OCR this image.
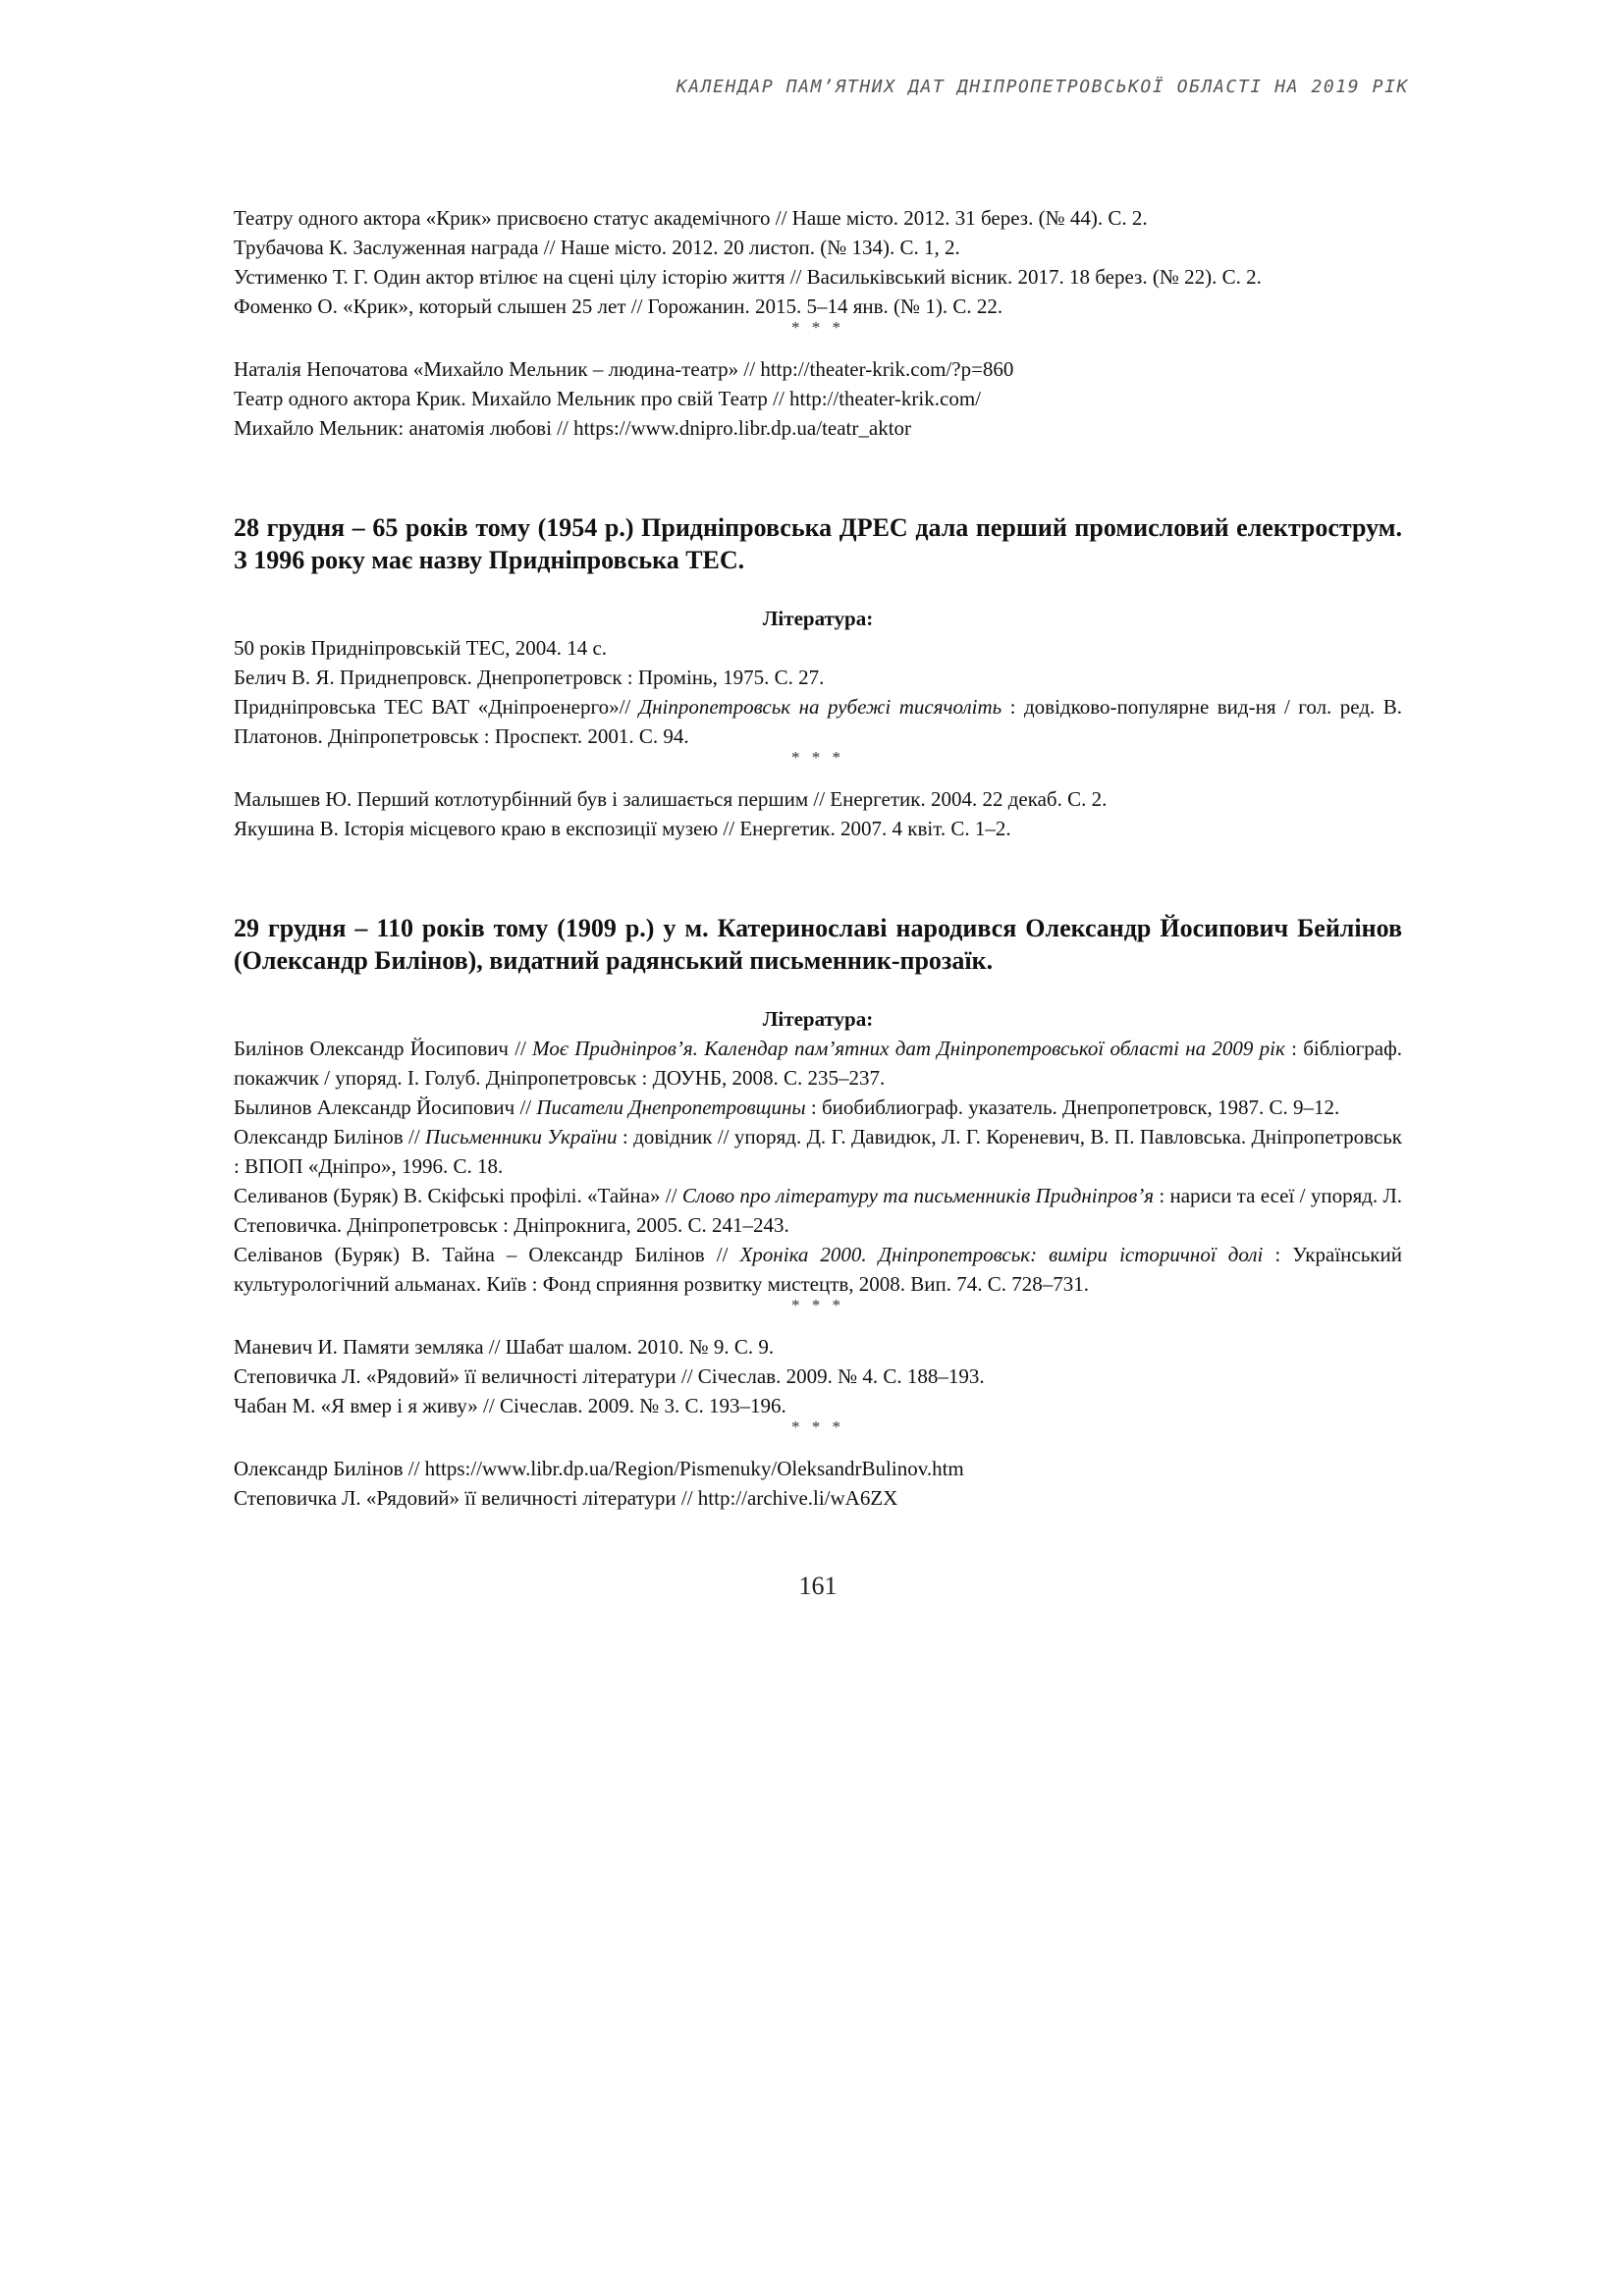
КАЛЕНДАР ПАМ’ЯТНИХ ДАТ ДНІПРОПЕТРОВСЬКОЇ ОБЛАСТІ НА 2019 РІК

Театру одного актора «Крик» присвоєно статус академічного // Наше місто. 2012. 31 берез. (№ 44). С. 2.

Трубачова К. Заслуженная награда // Наше місто. 2012. 20 листоп. (№ 134). С. 1, 2.

Устименко Т. Г. Один актор втілює на сцені цілу історію життя // Васильківський вісник. 2017. 18 берез. (№ 22). С. 2.

Фоменко О. «Крик», который слышен 25 лет // Горожанин. 2015. 5–14 янв. (№ 1). С. 22.

* * *

Наталія Непочатова «Михайло Мельник – людина-театр» // http://theater-krik.com/?p=860

Театр одного актора Крик. Михайло Мельник про свій Театр // http://theater-krik.com/

Михайло Мельник: анатомія любові // https://www.dnipro.libr.dp.ua/teatr_aktor

28 грудня – 65 років тому (1954 р.) Придніпровська ДРЕС дала перший промисловий електрострум. З 1996 року має назву Придніпровська ТЕС.

Література:

50 років Придніпровській ТЕС, 2004. 14 с.

Белич В. Я. Приднепровск. Днепропетровск : Промінь, 1975. С. 27.

Придніпровська ТЕС ВАТ «Дніпроенерго»// Дніпропетровськ на рубежі тисячоліть : довідково-популярне вид-ня / гол. ред. В. Платонов. Дніпропетровськ : Проспект. 2001. С. 94.

* * *

Малышев Ю. Перший котлотурбінний був і залишається першим // Енергетик. 2004. 22 декаб. С. 2.

Якушина В. Історія місцевого краю в експозиції музею // Енергетик. 2007. 4 квіт. С. 1–2.

29 грудня – 110 років тому (1909 р.) у м. Катеринославі народився Олександр Йосипович Бейлінов (Олександр Билінов), видатний радянський письменник-прозаїк.

Література:

Билінов Олександр Йосипович // Моє Придніпров’я. Календар пам’ятних дат Дніпропетровської області на 2009 рік : бібліограф. покажчик / упоряд. І. Голуб. Дніпропетровськ : ДОУНБ, 2008. С. 235–237.

Былинов Александр Йосипович // Писатели Днепропетровщины : биобиблиограф. указатель. Днепропетровск, 1987. С. 9–12.

Олександр Билінов // Письменники України : довідник // упоряд. Д. Г. Давидюк, Л. Г. Кореневич, В. П. Павловська. Дніпропетровськ : ВПОП «Дніпро», 1996. С. 18.

Селиванов (Буряк) В. Скіфські профілі. «Тайна» // Слово про літературу та письменників Придніпров’я : нариси та есеї / упоряд. Л. Степовичка. Дніпропетровськ : Дніпрокнига, 2005. С. 241–243.

Селіванов (Буряк) В. Тайна – Олександр Билінов // Хроніка 2000. Дніпропетровськ: виміри історичної долі : Український культурологічний альманах. Київ : Фонд сприяння розвитку мистецтв, 2008. Вип. 74. С. 728–731.

* * *

Маневич И. Памяти земляка // Шабат шалом. 2010. № 9. С. 9.

Степовичка Л. «Рядовий» її величності літератури // Січеслав. 2009. № 4. С. 188–193.

Чабан М. «Я вмер і я живу» // Січеслав. 2009. № 3. С. 193–196.

* * *

Олександр Билінов // https://www.libr.dp.ua/Region/Pismenuky/OleksandrBulinov.htm

Степовичка Л. «Рядовий» її величності літератури // http://archive.li/wA6ZX

161
